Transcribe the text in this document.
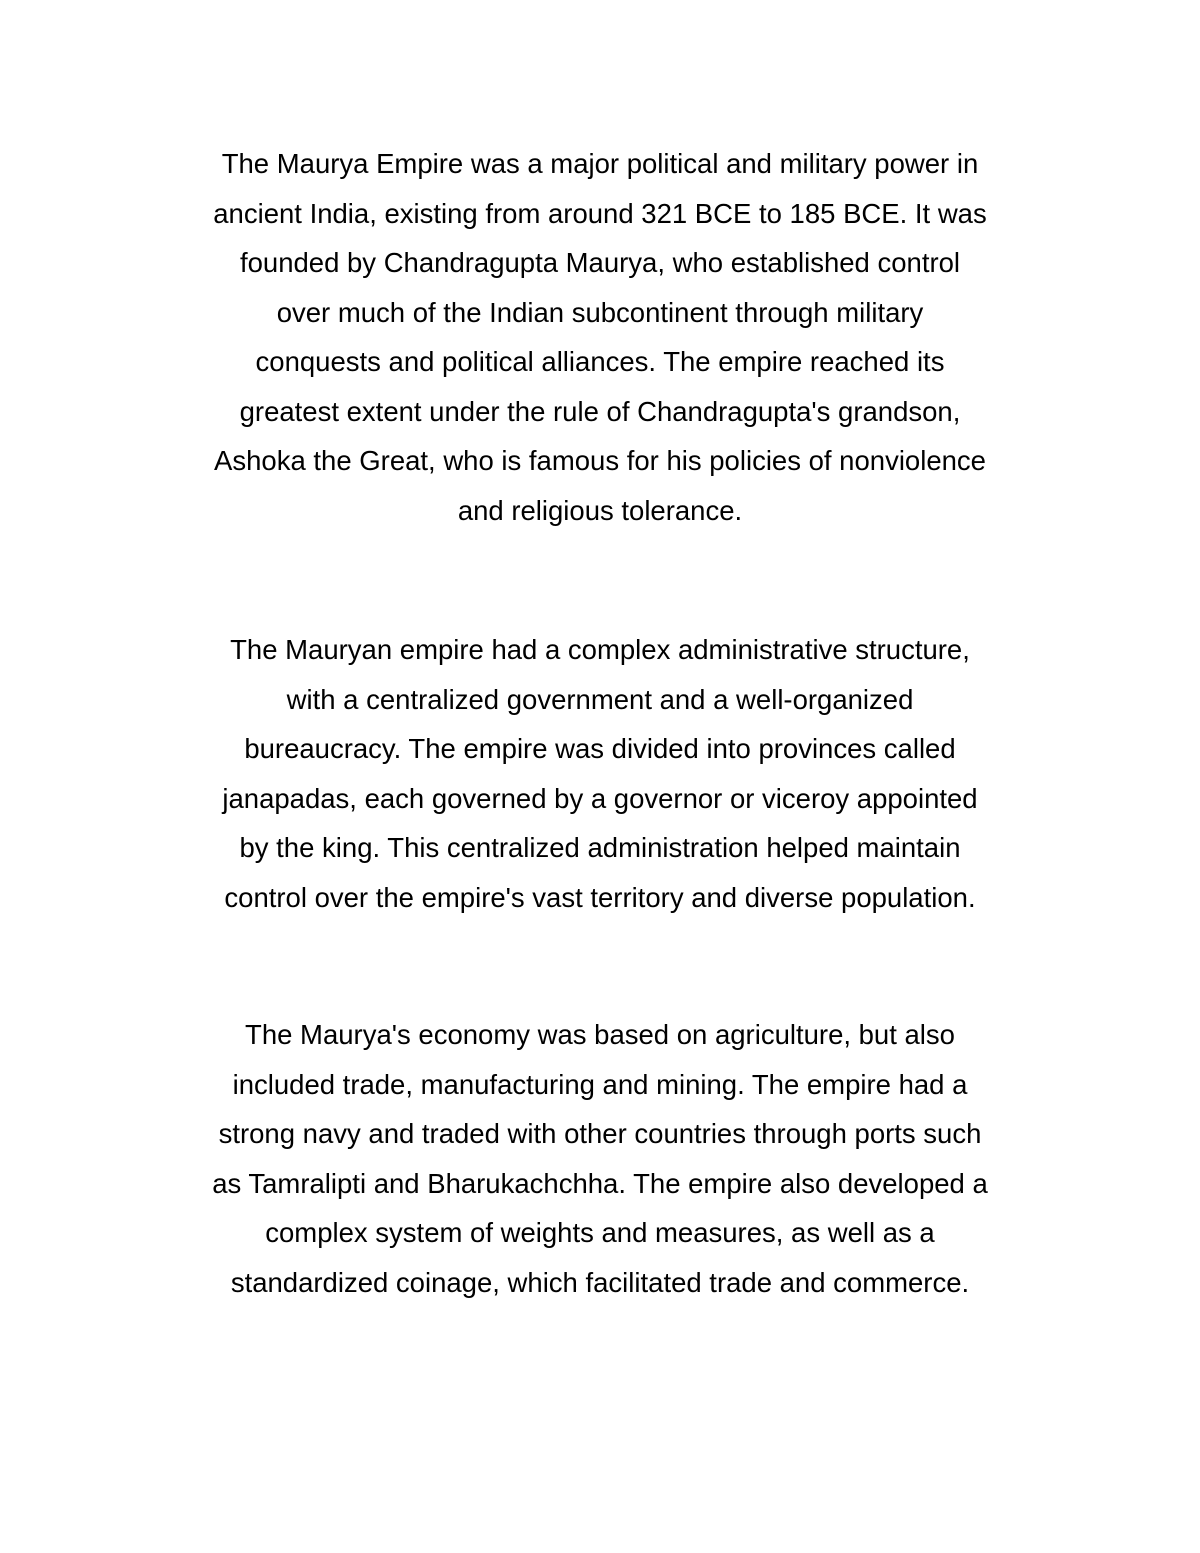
The Maurya Empire was a major political and military power in
ancient India, existing from around 321 BCE to 185 BCE. It was
founded by Chandragupta Maurya, who established control
over much of the Indian subcontinent through military
conquests and political alliances. The empire reached its
greatest extent under the rule of Chandragupta's grandson,
Ashoka the Great, who is famous for his policies of nonviolence
and religious tolerance.

The Mauryan empire had a complex administrative structure,
with a centralized government and a well-organized
bureaucracy. The empire was divided into provinces called
janapadas, each governed by a governor or viceroy appointed
by the king. This centralized administration helped maintain
control over the empire's vast territory and diverse population.

The Maurya's economy was based on agriculture, but also
included trade, manufacturing and mining. The empire had a
strong navy and traded with other countries through ports such
as Tamralipti and Bharukachchha. The empire also developed a
complex system of weights and measures, as well as a
standardized coinage, which facilitated trade and commerce.
